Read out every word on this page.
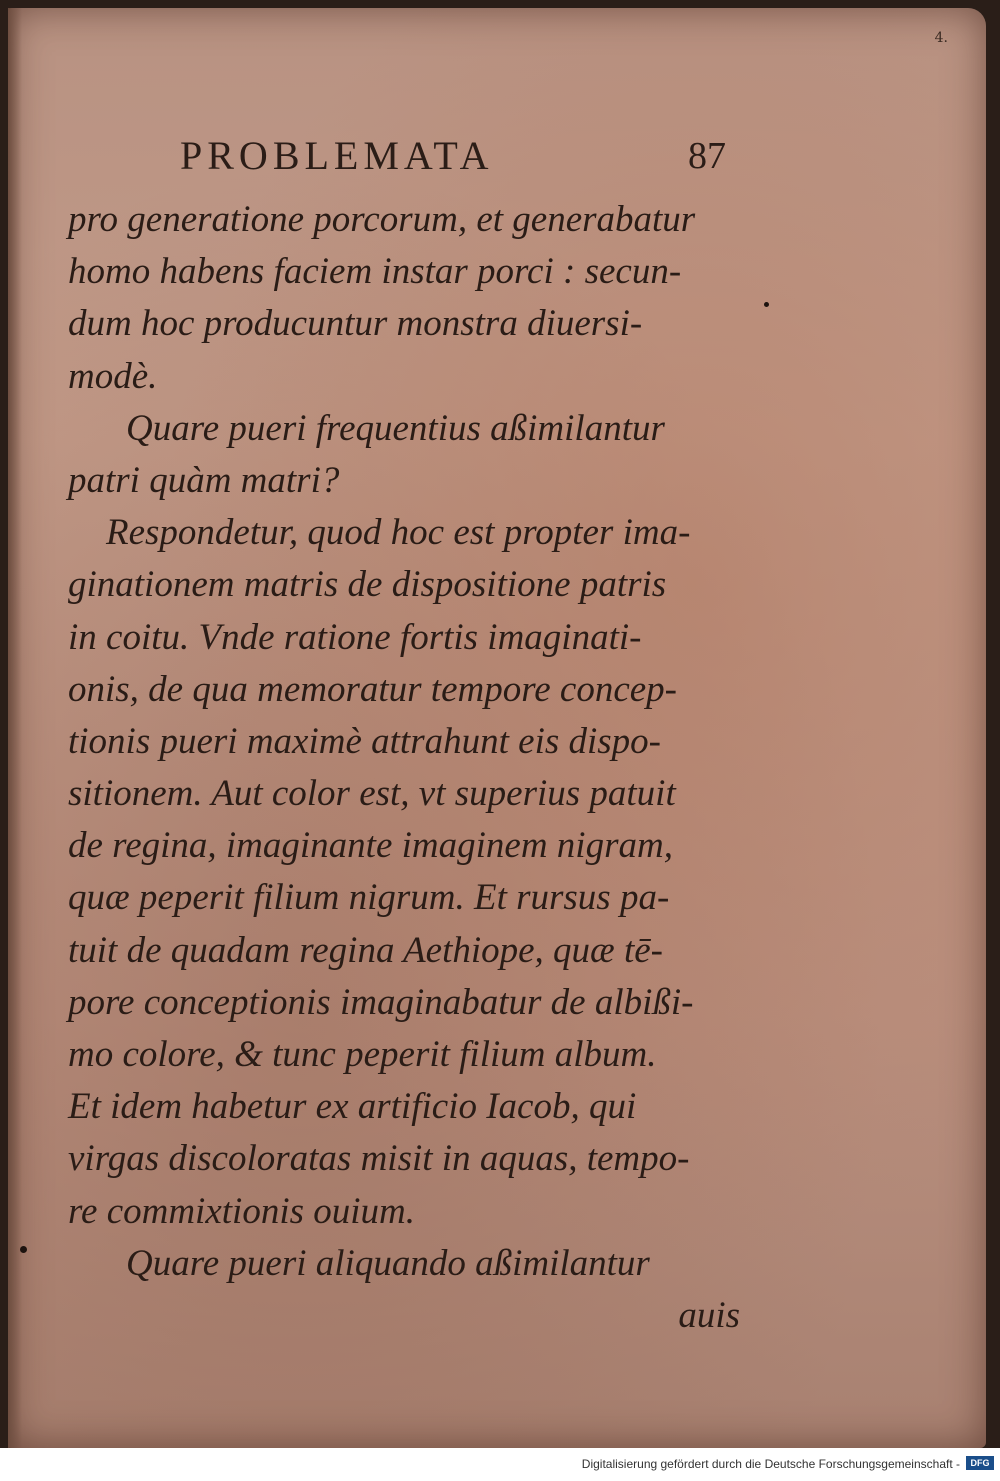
4.
PROBLEMATA	87
pro generatione porcorum, et generabatur
homo habens faciem instar porci : secun-
dum hoc producuntur monstra diuersi-
modè.
Quare pueri frequentius aßimilantur
patri quàm matri?
Respondetur, quod hoc est propter ima-
ginationem matris de dispositione patris
in coitu. Vnde ratione fortis imaginati-
onis, de qua memoratur tempore concep-
tionis pueri maximè attrahunt eis dispo-
sitionem. Aut color est, vt superius patuit
de regina, imaginante imaginem nigram,
quæ peperit filium nigrum. Et rursus pa-
tuit de quadam regina Aethiope, quæ tē-
pore conceptionis imaginabatur de albißi-
mo colore, & tunc peperit filium album.
Et idem habetur ex artificio Iacob, qui
virgas discoloratas misit in aquas, tempo-
re commixtionis ouium.
Quare pueri aliquando aßimilantur
auis
Digitalisierung gefördert durch die Deutsche Forschungsgemeinschaft -	DFG
